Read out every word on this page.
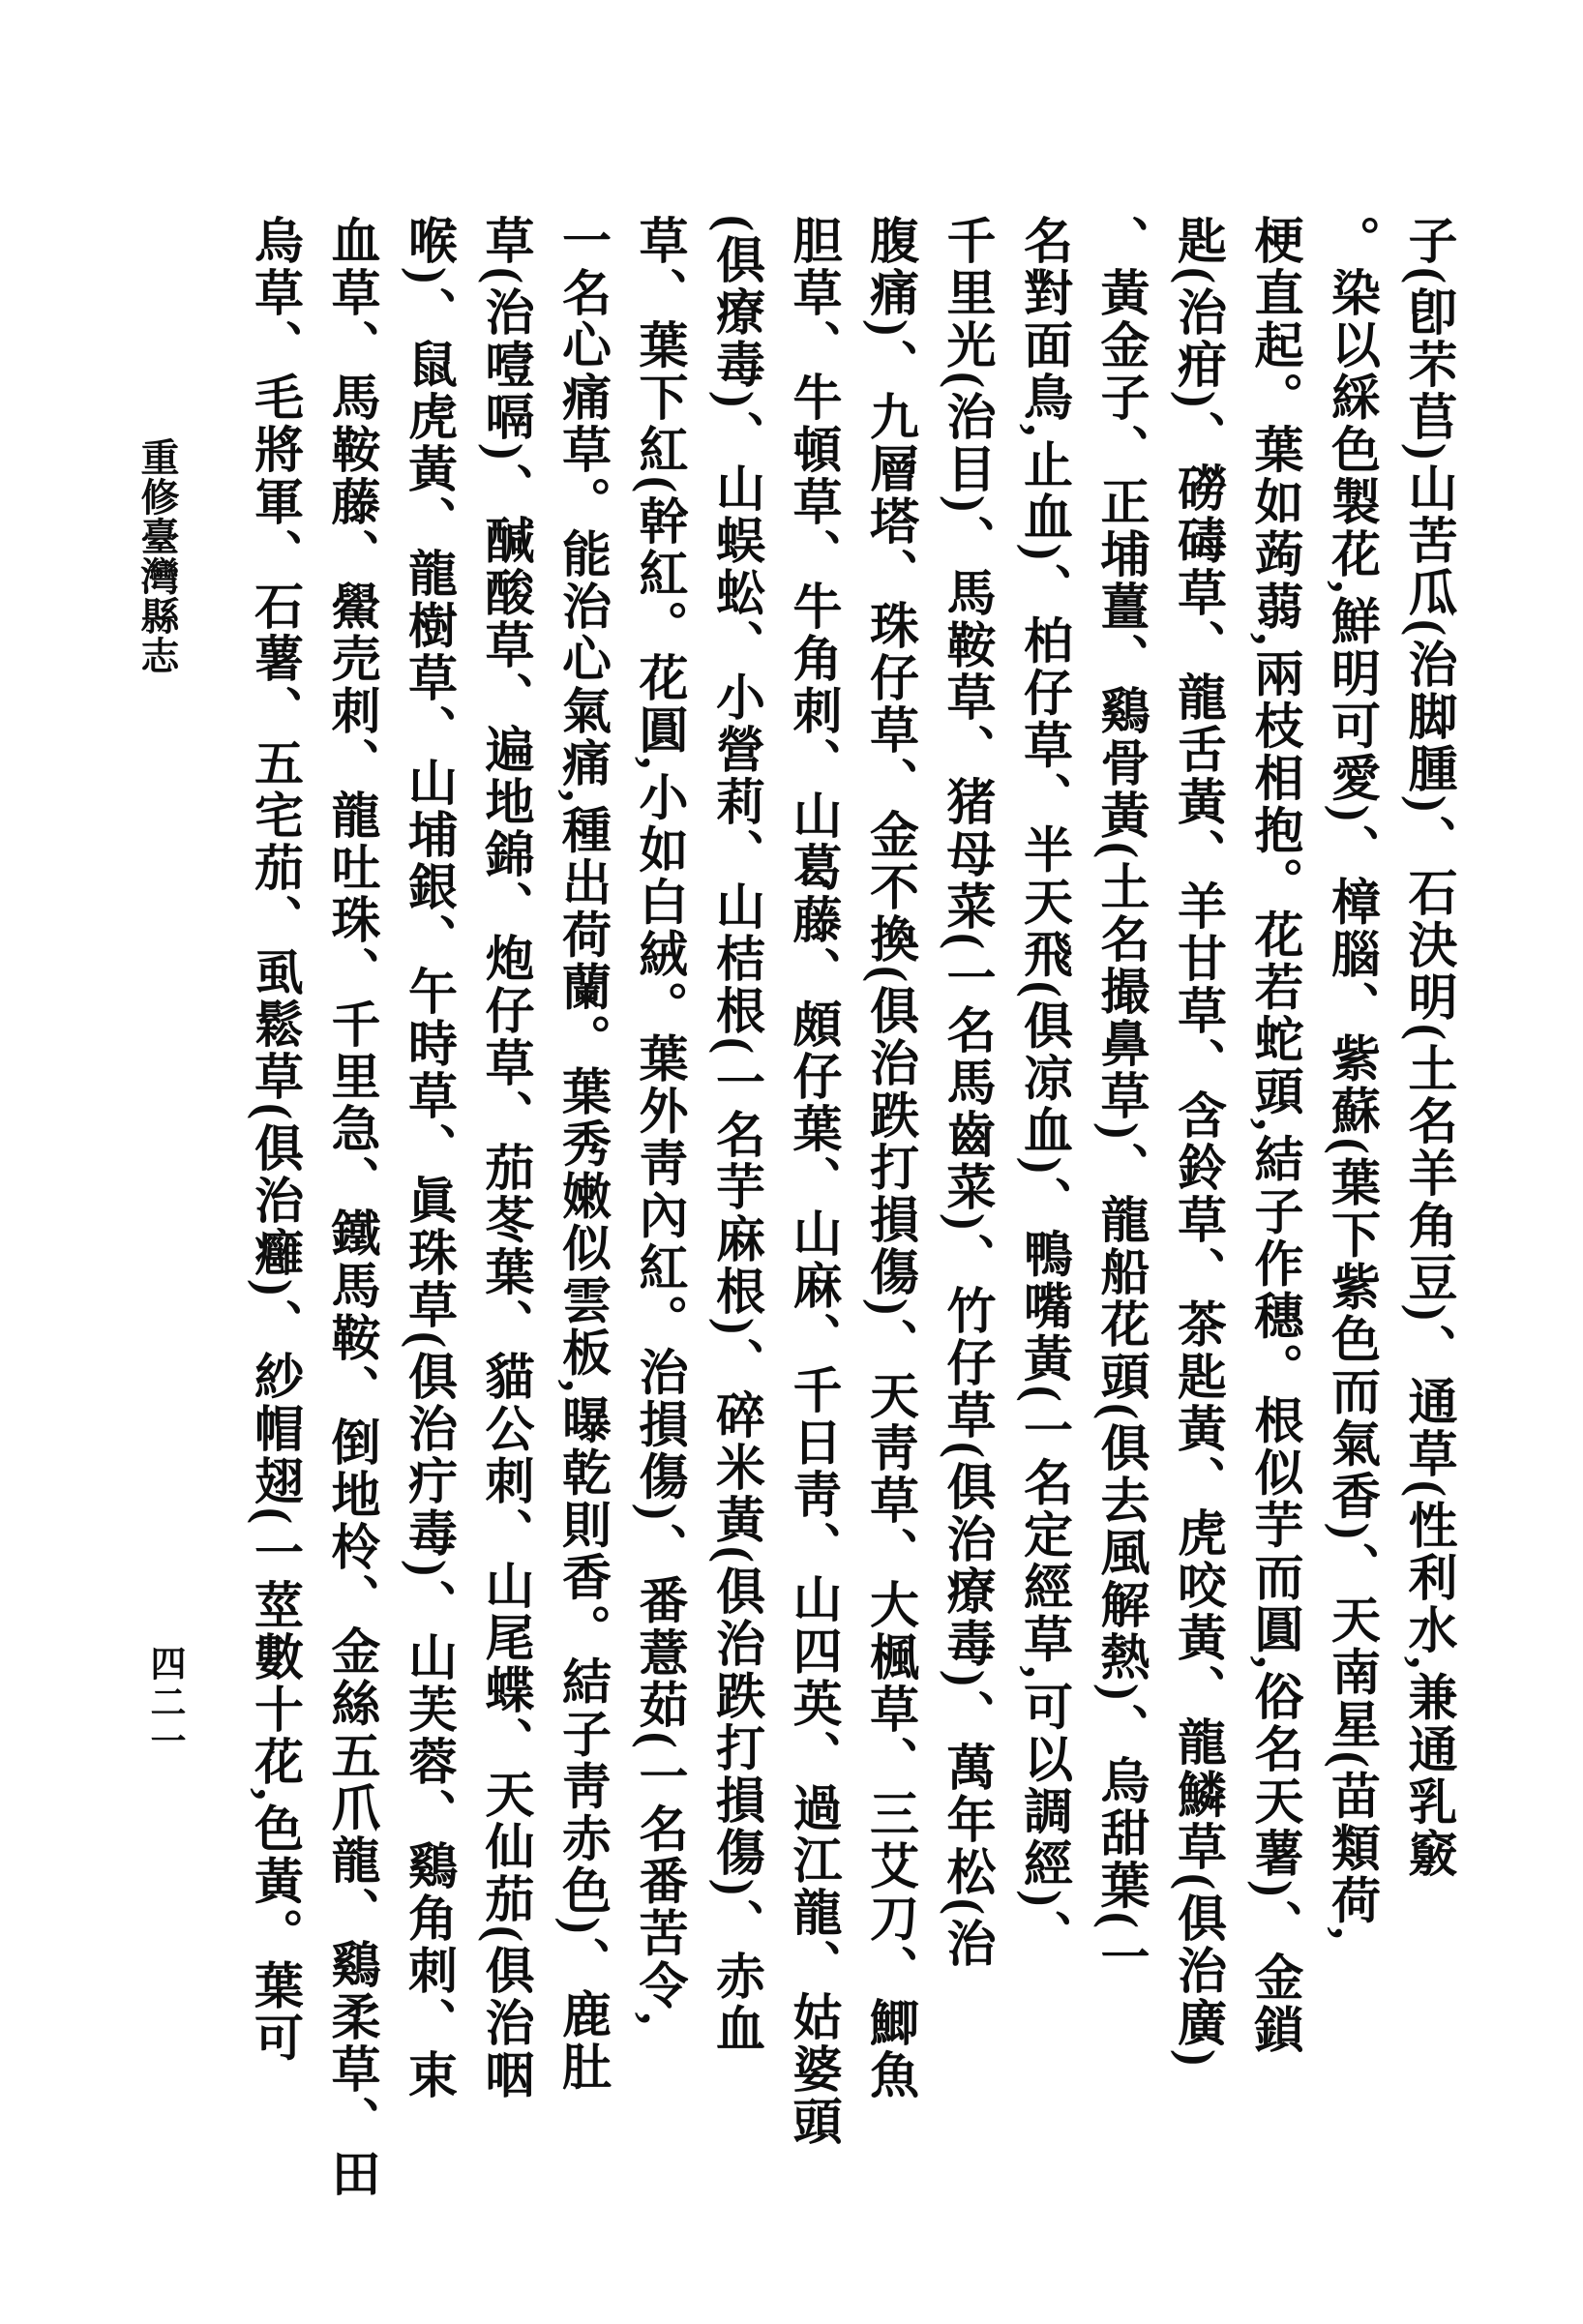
重修臺灣縣志	子(卽芣苢)山苦瓜(治脚腫)、石決明(土名羊角豆)、通草(性利水,兼通乳竅
。染以綵色製花,鮮明可愛)、樟腦、紫蘇(葉下紫色而氣香)、天南星(苗類荷,
梗直起。葉如蒟蒻,兩枝相抱。花若蛇頭,結子作穗。根似芋而圓,俗名天薯)、金鎖
匙(治疳)、磱碡草、龍舌黃、羊甘草、含鈴草、茶匙黃、虎咬黃、龍鱗草(俱治廣)
、黃金子、正埔薑、鷄骨黃(土名撮鼻草)、龍船花頭(俱去風解熱)、烏甜葉(一
名對面鳥,止血)、柏仔草、半天飛(俱凉血)、鴨嘴黃(一名定經草,可以調經)、
千里光(治目)、馬鞍草、猪母菜(一名馬齒菜)、竹仔草(俱治療毒)、萬年松(治
腹痛)、九層塔、珠仔草、金不換(俱治跌打損傷)、天靑草、大楓草、三艾刀、鯽魚
胆草、牛頓草、牛角刺、山葛藤、頗仔葉、山麻、千日靑、山四英、過江龍、姑婆頭
(俱療毒)、山蜈蚣、小營莉、山桔根(一名芋麻根)、碎米黃(俱治跌打損傷)、赤血
草、葉下紅(幹紅。花圓,小如白絨。葉外靑內紅。治損傷)、番薏茹(一名番苦令,
一名心痛草。能治心氣痛,種出荷蘭。葉秀嫩似雲板,曝乾則香。結子靑赤色)、鹿肚
草(治噎嗝)、醎酸草、遍地錦、炮仔草、茄苳葉、貓公刺、山尾蝶、天仙茄(俱治咽
喉)、鼠虎黃、龍樹草、山埔銀、午時草、眞珠草(俱治疔毒)、山芙蓉、鷄角刺、束
血草、馬鞍藤、鱟売刺、龍吐珠、千里急、鐵馬鞍、倒地柃、金絲五爪龍、鷄柔草、田
烏草、毛將軍、石薯、五宅茄、虱鬆草(俱治癰)、紗帽翅(一莖數十花,色黃。葉可
四二一
